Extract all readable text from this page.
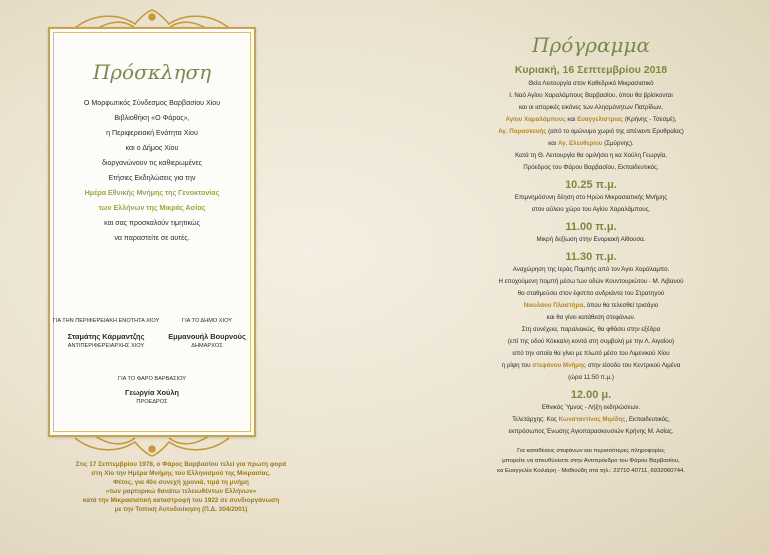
Πρόσκληση
Ο Μορφωτικός Σύνδεσμος Βαρβασίου Χίου
Βιβλιοθήκη «Ο Φάρος»,
η Περιφερειακή Ενότητα Χίου
και ο Δήμος Χίου
διοργανώνουν τις καθιερωμένες
Ετήσιες Εκδηλώσεις για την
Ημέρα Εθνικής Μνήμης της Γενοκτονίας
των Ελλήνων της Μικράς Ασίας
και σας προσκαλούν τιμητικώς
να παραστείτε σε αυτές.
ΓΙΑ ΤΗΝ ΠΕΡΙΦΕΡΕΙΑΚΗ ΕΝΟΤΗΤΑ ΧΙΟΥ
Σταμάτης Κάρμαντζης
ΑΝΤΙΠΕΡΙΦΕΡΕΙΑΡΧΗΣ ΧΙΟΥ
ΓΙΑ ΤΟ ΔΗΜΟ ΧΙΟΥ
Εμμανουήλ Βουρνούς
ΔΗΜΑΡΧΟΣ
ΓΙΑ ΤΟ ΦΑΡΟ ΒΑΡΒΑΣΙΟΥ
Γεωργία Χούλη
ΠΡΟΕΔΡΟΣ
Στις 17 Σεπτεμβρίου 1978, ο Φάρος Βαρβασίου τελεί για πρώτη φορά
στη Χίο την Ημέρα Μνήμης του Ελληνισμού της Μικρασίας.
Φέτος, για 40ο συνεχή χρονιά, τιμά τη μνήμη
«των μαρτυρικώ θανάτω τελειωθέντων Ελλήνων»
κατά την Μικρασιατική καταστροφή του 1922 σε συνδιοργάνωση
με την Τοπική Αυτοδιοίκηση (Π.Δ. 304/2001)
Πρόγραμμα
Κυριακή, 16 Σεπτεμβρίου 2018
Θεία Λειτουργία στον Καθεδρικό Μικρασιατικό
Ι. Ναό Αγίου Χαραλάμπους Βαρβασίου, όπου θα βρίσκονται
και οι ιστορικές εικόνες των Αλησμόνητων Πατρίδων,
Αγίου Χαραλάμπους και Ευαγγελίστριας (Κρήνης - Τσεσμέ),
Αγ. Παρασκευής (από το ομώνυμο χωριό της απέναντι Ερυθραίας)
και Αγ. Ελευθερίου (Σμύρνης).
Κατά τη Θ. Λειτουργία θα ομιλήσει η κα Χούλη Γεωργία,
Πρόεδρος του Φάρου Βαρβασίου, Εκπαιδευτικός.
10.25 π.μ.
Επιμνημόσυνη δέηση στο Ηρώο Μικρασιατικής Μνήμης
στον αύλειο χώρο του Αγίου Χαραλάμπους.
11.00 π.μ.
Μικρή δεξίωση στην Ενοριακή Αίθουσα.
11.30 π.μ.
Αναχώρηση της Ιεράς Πομπής από τον Άγιο Χαράλαμπο.
Η εποχούμενη πομπή μέσω των οδών Κουντουριώτου - Μ. Λιβανού
θα σταθμεύσει στον έφιππο ανδριάντα του Στρατηγού
Νικολάου Πλαστήρα, όπου θα τελεσθεί τρισάγιο
και θα γίνει κατάθεση στεφάνων.
Στη συνέχεια, παραλιακώς, θα φθάσει στην εξέδρα
(επί της οδού Κόκκαλη κοντά στη συμβολή με την Λ. Αιγαίου)
από την οποία θα γίνει με πλωτό μέσο του Λιμενικού Χίου
η ρίψη του στεφάνου Μνήμης στην είσοδο του Κεντρικού Λιμένα
(ώρα 11:50 π.μ.)
12.00 μ.
Εθνικός Ύμνος - Λήξη εκδηλώσεων.
Τελετάρχης: Κος Κωνσταντίνος Μιμίδης, Εκπαιδευτικός,
εκπρόσωπος Ένωσης Αγιοπαρασκευσιών Κρήνης Μ. Ασίας.
Για καταθέσεις στεφάνων και περισσότερες πληροφορίες
μπορείτε να απευθύνεστε στην Αντιπρόεδρο του Φάρου Βαρβασίου,
κα Ευαγγελία Κοιλιάρη - Μαθιούδη στα τηλ.: 22710 40711, 6932060744.
